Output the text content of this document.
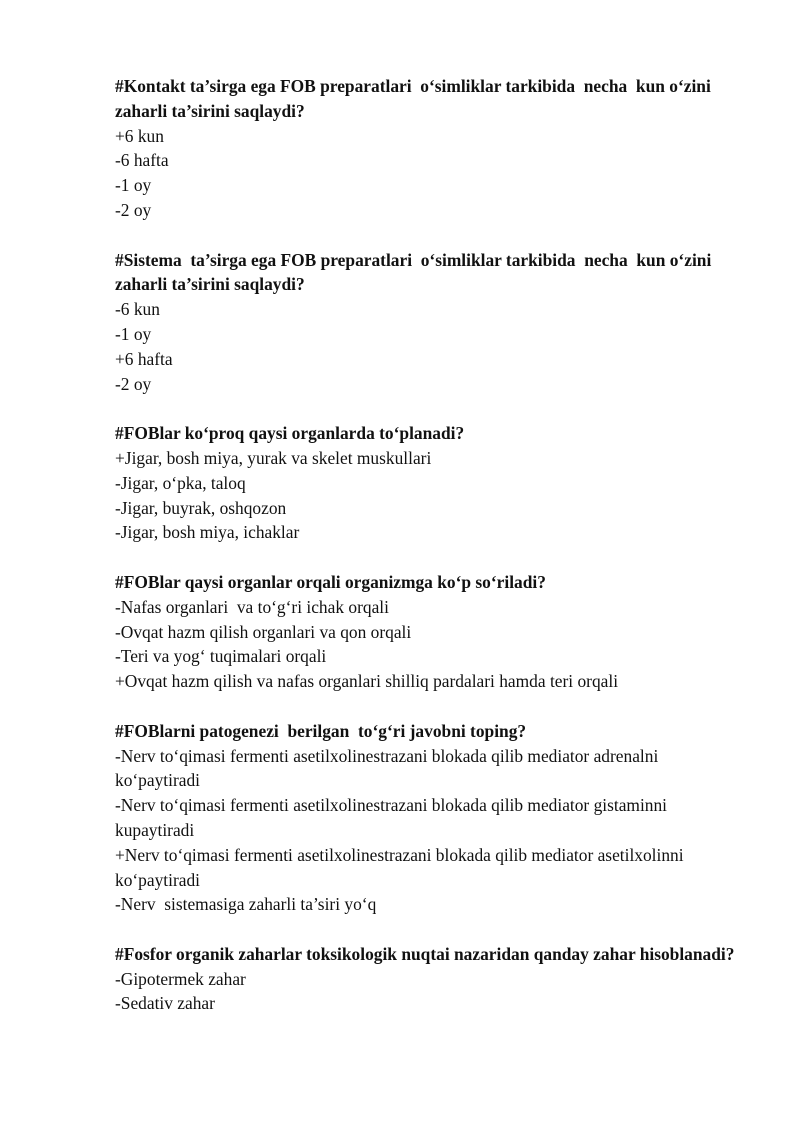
#Kontakt ta’sirga ega FOB preparatlari  o‘simliklar tarkibida  necha  kun o‘zini  zaharli ta’sirini saqlaydi?

+6 kun

-6 hafta

-1 oy

-2 oy

#Sistema  ta’sirga ega FOB preparatlari  o‘simliklar tarkibida  necha  kun o‘zini  zaharli ta’sirini saqlaydi?

-6 kun

-1 oy

+6 hafta

-2 oy

#FOBlar ko‘proq qaysi organlarda to‘planadi?

+Jigar, bosh miya, yurak va skelet muskullari

-Jigar, o‘pka, taloq

-Jigar, buyrak, oshqozon

-Jigar, bosh miya, ichaklar

#FOBlar qaysi organlar orqali organizmga ko‘p so‘riladi?

-Nafas organlari  va to‘g‘ri ichak orqali

-Ovqat hazm qilish organlari va qon orqali

-Teri va yog‘ tuqimalari orqali

+Ovqat hazm qilish va nafas organlari shilliq pardalari hamda teri orqali

#FOBlarni patogenezi  berilgan  to‘g‘ri javobni toping?

-Nerv to‘qimasi fermenti asetilxolinestrazani blokada qilib mediator adrenalni ko‘paytiradi

-Nerv to‘qimasi fermenti asetilxolinestrazani blokada qilib mediator gistaminni kupaytiradi

+Nerv to‘qimasi fermenti asetilxolinestrazani blokada qilib mediator asetilxolinni ko‘paytiradi

-Nerv  sistemasiga zaharli ta’siri yo‘q

#Fosfor organik zaharlar toksikologik nuqtai nazaridan qanday zahar hisoblanadi?

-Gipotermek zahar

-Sedativ zahar
